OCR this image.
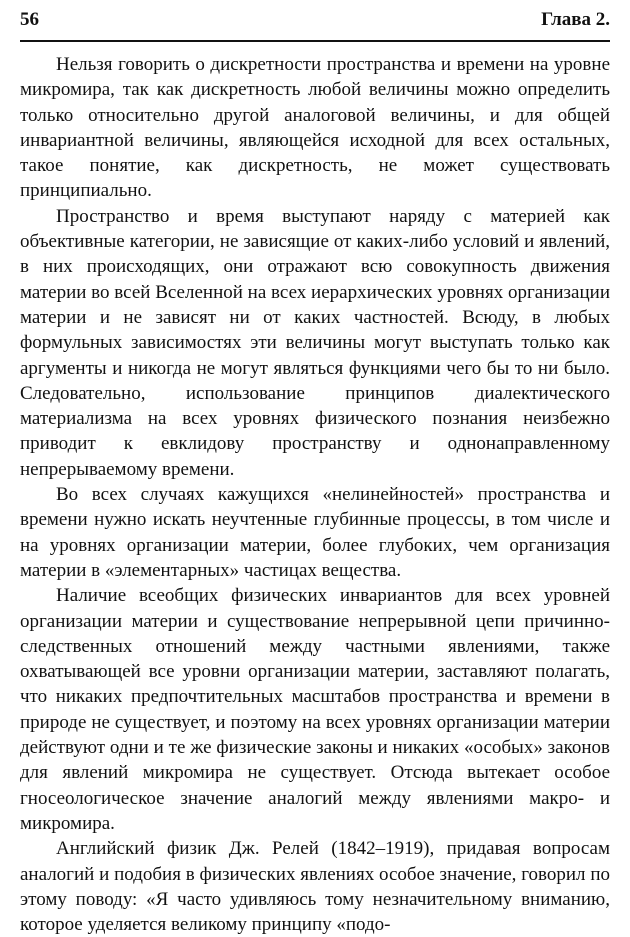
56	Глава 2.

Нельзя говорить о дискретности пространства и времени на уровне микромира, так как дискретность любой величины можно определить только относительно другой аналоговой величины, и для общей инвариантной величины, являющейся исходной для всех остальных, такое понятие, как дискретность, не может существовать принципиально.

Пространство и время выступают наряду с материей как объективные категории, не зависящие от каких-либо условий и явлений, в них происходящих, они отражают всю совокупность движения материи во всей Вселенной на всех иерархических уровнях организации материи и не зависят ни от каких частностей. Всюду, в любых формульных зависимостях эти величины могут выступать только как аргументы и никогда не могут являться функциями чего бы то ни было. Следовательно, использование принципов диалектического материализма на всех уровнях физического познания неизбежно приводит к евклидову пространству и однонаправленному непрерываемому времени.

Во всех случаях кажущихся «нелинейностей» пространства и времени нужно искать неучтенные глубинные процессы, в том числе и на уровнях организации материи, более глубоких, чем организация материи в «элементарных» частицах вещества.

Наличие всеобщих физических инвариантов для всех уровней организации материи и существование непрерывной цепи причинно-следственных отношений между частными явлениями, также охватывающей все уровни организации материи, заставляют полагать, что никаких предпочтительных масштабов пространства и времени в природе не существует, и поэтому на всех уровнях организации материи действуют одни и те же физические законы и никаких «особых» законов для явлений микромира не существует. Отсюда вытекает особое гносеологическое значение аналогий между явлениями макро- и микромира.

Английский физик Дж. Релей (1842–1919), придавая вопросам аналогий и подобия в физических явлениях особое значение, говорил по этому поводу: «Я часто удивляюсь тому незначительному вниманию, которое уделяется великому принципу «подо-
